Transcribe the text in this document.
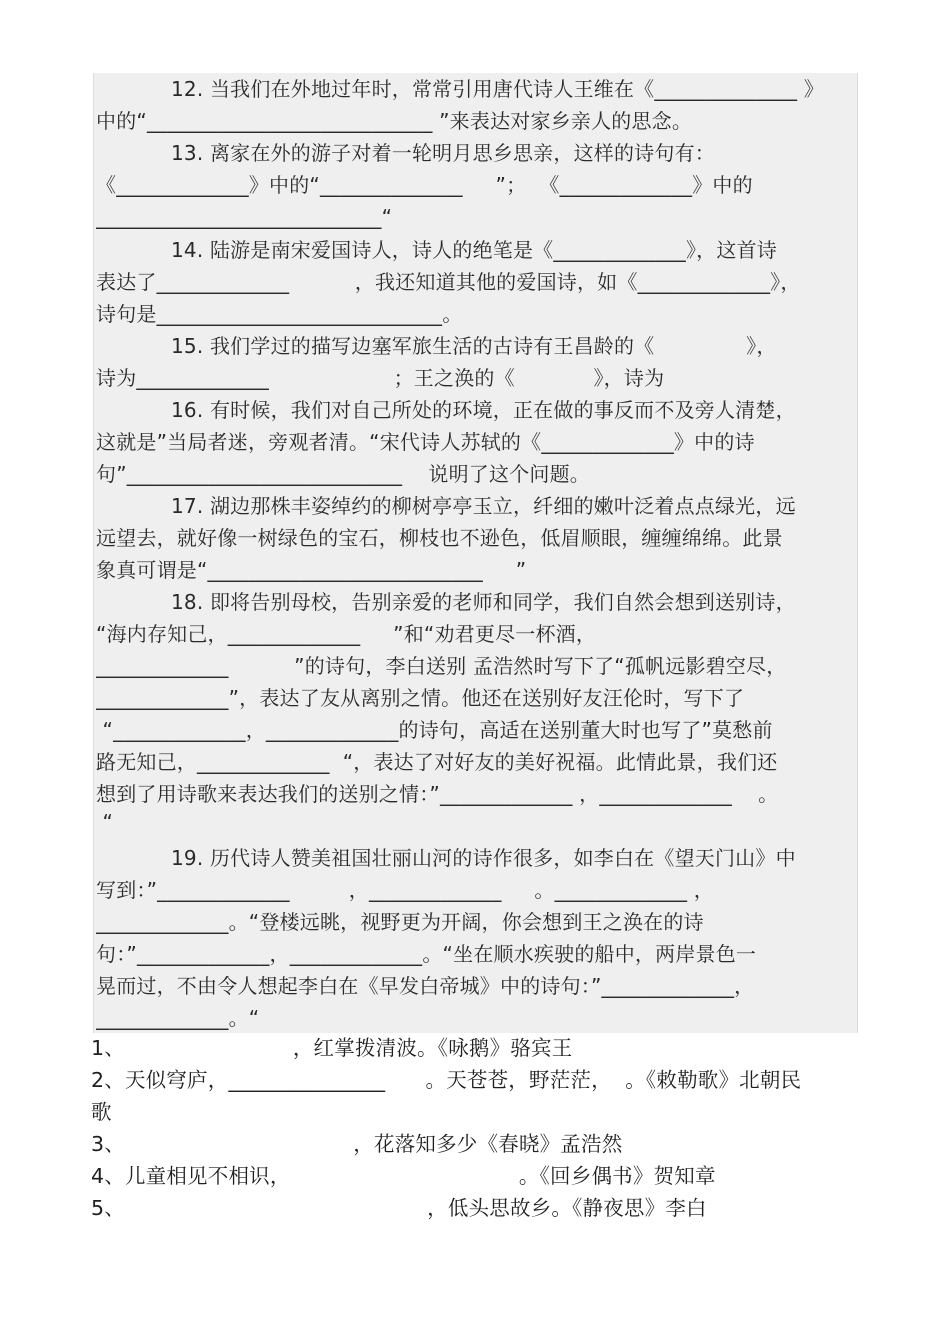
12. 当我们在外地过年时，常常引用唐代诗人王维在《______________ 》
中的“____________________________ ”来表达对家乡亲人的思念。
13. 离家在外的游子对着一轮明月思乡思亲，这样的诗句有：
《_____________》中的“______________     ”；  《_____________》中的
____________________________“
14. 陆游是南宋爱国诗人，诗人的绝笔是《_____________》，这首诗
表达了_____________          ，我还知道其他的爱国诗，如《_____________》，
诗句是____________________________。
15. 我们学过的描写边塞军旅生活的古诗有王昌龄的《              》，
诗为_____________                   ；王之涣的《            》，诗为
16. 有时候，我们对自己所处的环境，正在做的事反而不及旁人清楚，
这就是”当局者迷，旁观者清。“宋代诗人苏轼的《_____________》中的诗
句”___________________________    说明了这个问题。
17. 湖边那株丰姿绰约的柳树亭亭玉立，纤细的嫩叶泛着点点绿光，远
远望去，就好像一树绿色的宝石，柳枝也不逊色，低眉顺眼，缠缠绵绵。此景
象真可谓是“___________________________     ”
18. 即将告别母校，告别亲爱的老师和同学，我们自然会想到送别诗，
“海内存知己，_____________     ”和“劝君更尽一杯酒，
_____________          ”的诗句，李白送别 孟浩然时写下了“孤帆远影碧空尽，
_____________”，表达了友从离别之情。他还在送别好友汪伦时，写下了
“_____________，_____________的诗句，高适在送别董大时也写了”莫愁前
路无知己，_____________  “，表达了对好友的美好祝福。此情此景，我们还
想到了用诗歌来表达我们的送别之情：”_____________ ，_____________    。
“
19. 历代诗人赞美祖国壮丽山河的诗作很多，如李白在《望天门山》中
写到：”_____________         ，_____________     。_____________ ，
_____________。“登楼远眺，视野更为开阔，你会想到王之涣在的诗
句：”_____________，_____________。“坐在顺水疾驶的船中，两岸景色一
晃而过，不由令人想起李白在《早发白帝城》中的诗句：”_____________，
_____________。“
1、                         ，红掌拨清波。《咏鹅》骆宾王
2、天似穹庐，_______________      。天苍苍，野茫茫，  。《敕勒歌》北朝民
歌
3、                                  ，花落知多少《春晓》孟浩然
4、儿童相见不相识，                                  。《回乡偶书》贺知章
5、                                             ，低头思故乡。《静夜思》李白
